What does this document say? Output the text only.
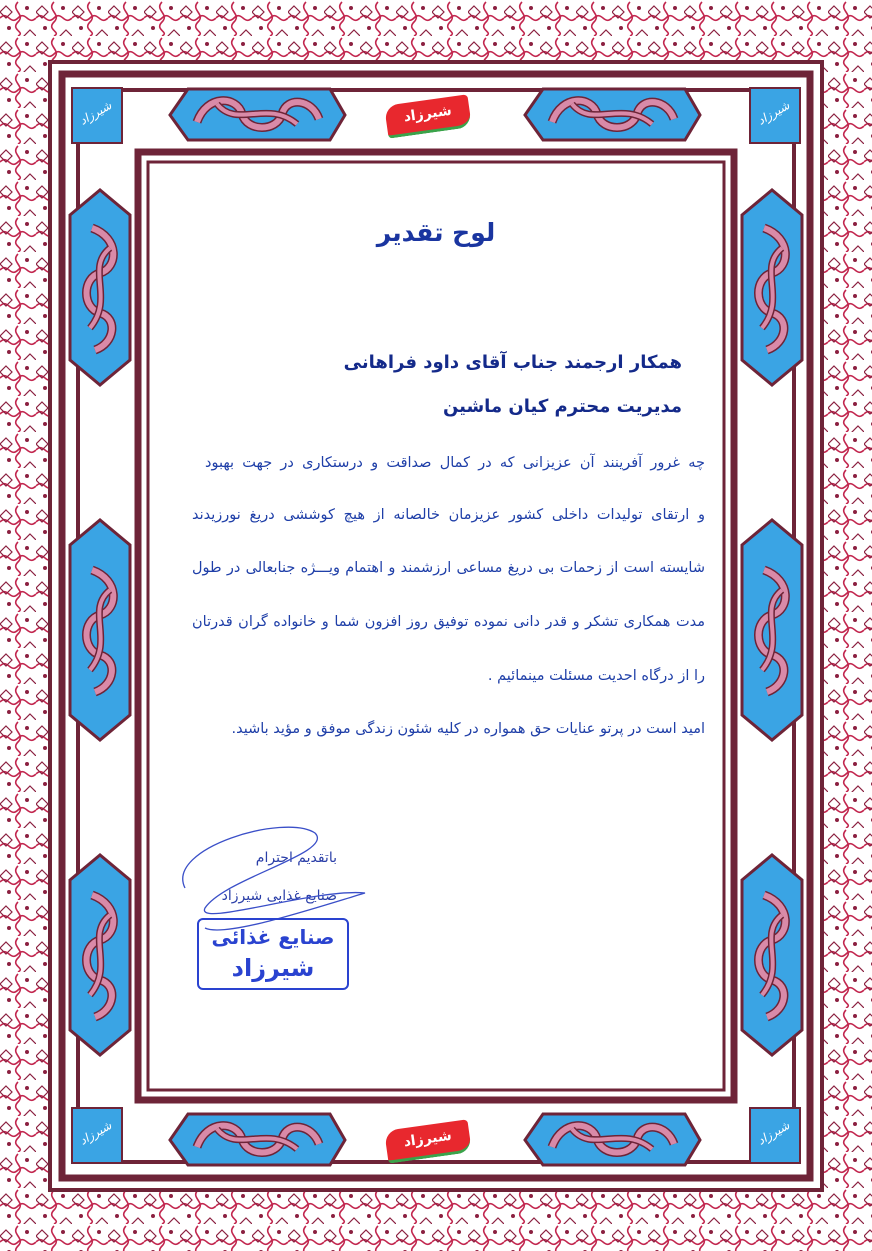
شیرزاد	شیرزاد
شیرزاد	شیرزاد
شیرزاد
شیرزاد
لوح تقدیر
همکار ارجمند جناب آقای داود فراهانی
مدیریت محترم کیان ماشین
چه غرور آفرینند آن عزیزانی که در کمال صداقت و درستکاری در جهت بهبود
و ارتقای تولیدات داخلی کشور عزیزمان خالصانه از هیچ کوششی دریغ نورزیدند
شایسته است از زحمات بی دریغ مساعی ارزشمند و اهتمام ویـــژه جنابعالی در طول
مدت همکاری تشکر و قدر دانی نموده توفیق روز افزون شما و خانواده گران قدرتان
را از درگاه احدیت مسئلت مینمائیم .
امید است در پرتو عنایات حق همواره در کلیه شئون زندگی موفق و مؤید باشید.
باتقدیم احترام
صنایع غذایی شیرزاد
صنایع غذائی
شیرزاد
